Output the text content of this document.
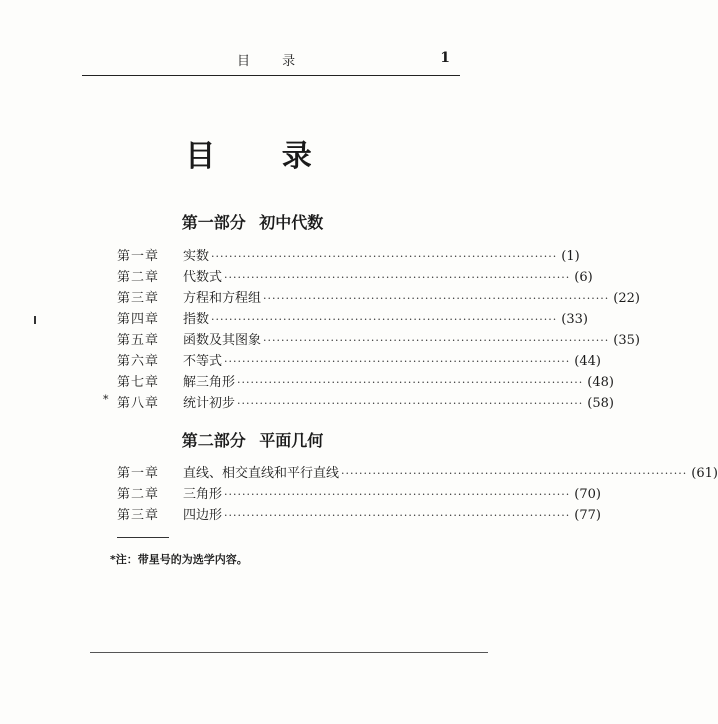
目 录	1
目 录
第一部分 初中代数
第一章 实数 ············································································· (1)
第二章 代数式 ············································································· (6)
第三章 方程和方程组 ············································································· (22)
第四章 指数 ············································································· (33)
第五章 函数及其图象 ············································································· (35)
第六章 不等式 ············································································· (44)
第七章 解三角形 ············································································· (48)
* 第八章 统计初步 ············································································· (58)
第二部分 平面几何
第一章 直线、相交直线和平行直线 ············································································· (61)
第二章 三角形 ············································································· (70)
第三章 四边形 ············································································· (77)
*注：带星号的为选学内容。
